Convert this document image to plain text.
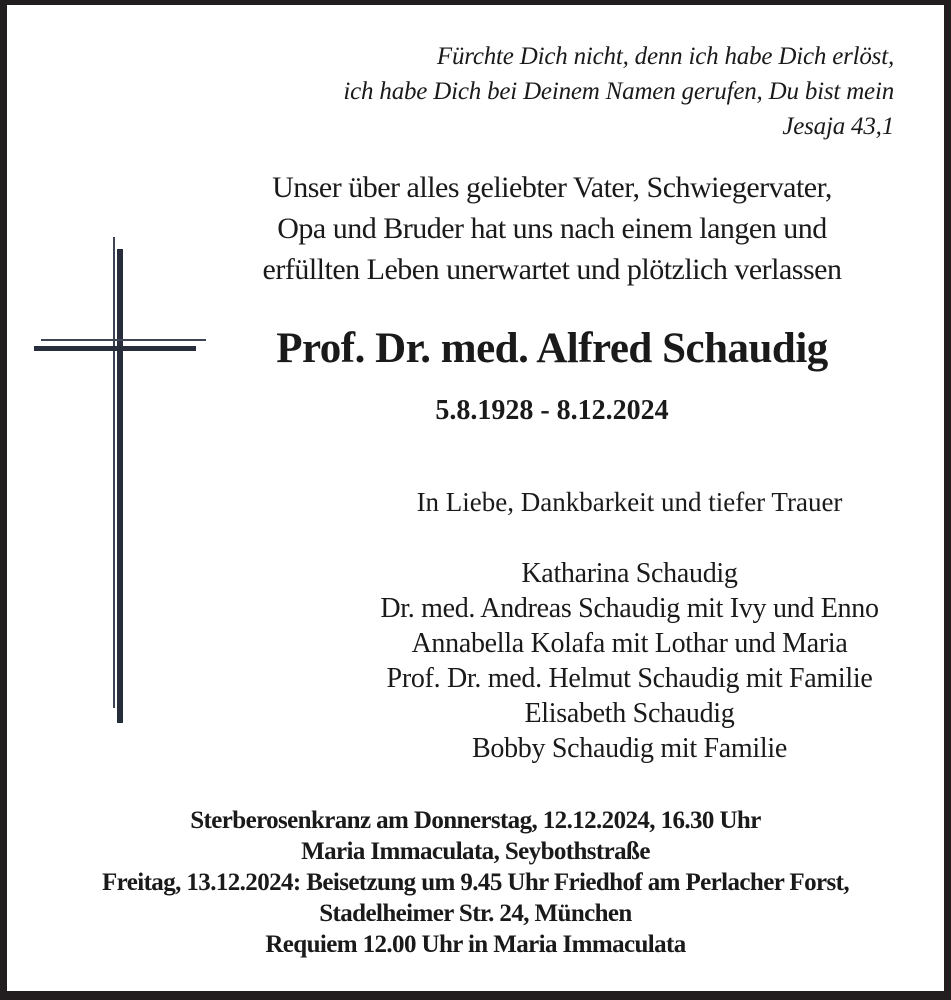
Fürchte Dich nicht, denn ich habe Dich erlöst,
ich habe Dich bei Deinem Namen gerufen, Du bist mein
Jesaja 43,1
Unser über alles geliebter Vater, Schwiegervater,
Opa und Bruder hat uns nach einem langen und
erfüllten Leben unerwartet und plötzlich verlassen
Prof. Dr. med. Alfred Schaudig
5.8.1928 - 8.12.2024
In Liebe, Dankbarkeit und tiefer Trauer
Katharina Schaudig
Dr. med. Andreas Schaudig mit Ivy und Enno
Annabella Kolafa mit Lothar und Maria
Prof. Dr. med. Helmut Schaudig mit Familie
Elisabeth Schaudig
Bobby Schaudig mit Familie
Sterberosenkranz am Donnerstag, 12.12.2024, 16.30 Uhr
Maria Immaculata, Seybothstraße
Freitag, 13.12.2024: Beisetzung um 9.45 Uhr Friedhof am Perlacher Forst,
Stadelheimer Str. 24, München
Requiem 12.00 Uhr in Maria Immaculata
